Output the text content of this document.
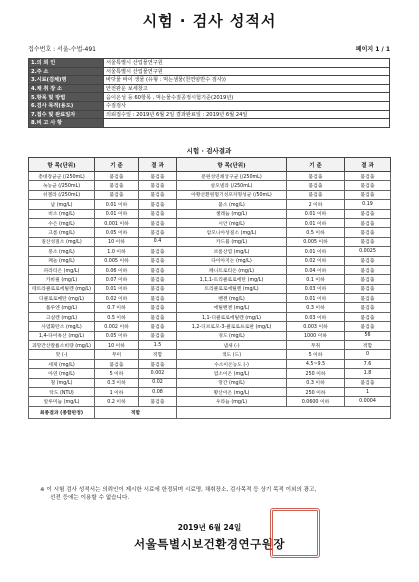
시험 · 검사 성적서
접수번호 : 서울-수법-491	페이지 1 / 1
1.의 뢰 인	서울특별시 산업물연구원
2.주 소	서울특별시 산업물연구원
3.시료(검체)명	바닷물 바이 생물 (유형 : 먹는샘물(천연암반수 검사))
4.채 취 장 소	안전관운 보세창고
5.항목 및 방법	음이온성 등 60항목 , 먹는물수질공정시험기준(2019년)
6.검사 목적(용도)	수질검사
7.접수 및 완료일자	의뢰접수일 : 2019년 6월 2일 결과완료일 : 2019년 6월 24일
8.비 고 사 항	
시험 · 검사결과
항 목(단위)	기 준	결 과	항 목(단위)	기 준	결 과
총대장균군 (/250mL)	불검출	불검출	분원성연쇄상구균 (/250mL)	불검출	불검출
녹농균 (/250mL)	불검출	불검출	살모넬라 (/250mL)	불검출	불검출
쉬겔라 (/250mL)	불검출	불검출	아황산환원혐기성포자형성균 (/50mL)	불검출	불검출
납 (mg/L)	0.01 이하	불검출	불소 (mg/L)	2 이하	0.19
비소 (mg/L)	0.01 이하	불검출	셀레늄 (mg/L)	0.01 이하	불검출
수은 (mg/L)	0.001 이하	불검출	시안 (mg/L)	0.01 이하	불검출
크롬 (mg/L)	0.05 이하	불검출	암모니아성질소 (mg/L)	0.5 이하	불검출
질산성질소 (mg/L)	10 이하	0.4	카드뮴 (mg/L)	0.005 이하	불검출
붕소 (mg/L)	1.0 이하	불검출	브롬산염 (mg/L)	0.01 이하	0.0025
페놀 (mg/L)	0.005 이하	불검출	다이아지논 (mg/L)	0.02 이하	불검출
파라티온 (mg/L)	0.06 이하	불검출	페니트로티온 (mg/L)	0.04 이하	불검출
카바릴 (mg/L)	0.07 이하	불검출	1,1,1-트리클로로에탄 (mg/L)	0.1 이하	불검출
테트라클로로에틸렌 (mg/L)	0.01 이하	불검출	트리클로로에틸렌 (mg/L)	0.03 이하	불검출
디클로로메탄 (mg/L)	0.02 이하	불검출	벤젠 (mg/L)	0.01 이하	불검출
톨루엔 (mg/L)	0.7 이하	불검출	에틸벤젠 (mg/L)	0.3 이하	불검출
크실렌 (mg/L)	0.5 이하	불검출	1,1-디클로로에틸렌 (mg/L)	0.03 이하	불검출
사염화탄소 (mg/L)	0.002 이하	불검출	1,2-디브로모-3-클로로프로판 (mg/L)	0.003 이하	불검출
1,4-다이옥산 (mg/L)	0.05 이하	불검출	경도 (mg/L)	1000 이하	56
과망간산칼륨소비량 (mg/L)	10 이하	1.5	냄새 (-)	무취	적합
맛 (-)	무미	적합	색도 (도)	5 이하	0
세제 (mg/L)	불검출	불검출	수소이온농도 (-)	4.5~9.5	7.6
아연 (mg/L)	5 이하	0.002	염소이온 (mg/L)	250 이하	1.8
철 (mg/L)	0.3 이하	0.02	망간 (mg/L)	0.3 이하	불검출
탁도 (NTU)	1 이하	0.08	황산이온 (mg/L)	250 이하	1
알루미늄 (mg/L)	0.2 이하	불검출	우라늄 (mg/L)	0.0600 이하	0.0004
최종결과 (종합판정)	적합				
※ 이 시험 검사 성적서는 의뢰인이 제시한 시료에 한정되며 시료명, 채취장소, 검사목적 등 상기 목적 이외의 광고,
선전 등에는 이용할 수 없습니다.
2019년 6월 24일
서울특별시보건환경연구원장
